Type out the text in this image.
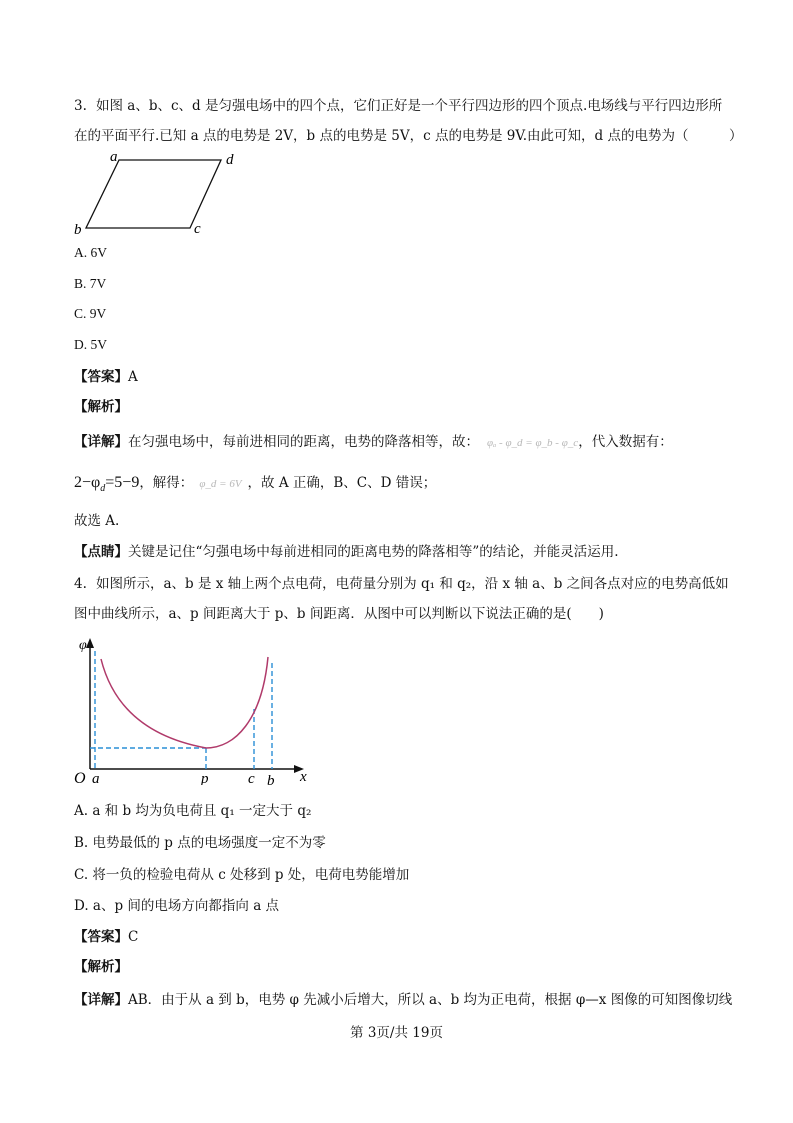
3. 如图 a、b、c、d 是匀强电场中的四个点，它们正好是一个平行四边形的四个顶点.电场线与平行四边形所
在的平面平行.已知 a 点的电势是 2V，b 点的电势是 5V，c 点的电势是 9V.由此可知，d 点的电势为（　　　）
a	d
b	c
A. 6V
B. 7V
C. 9V
D. 5V
【答案】A
【解析】
【详解】在匀强电场中，每前进相同的距离，电势的降落相等，故： φₐ - φ_d = φ_b - φ_c，代入数据有：
$2-\varphi_d=5-9$，解得： φ_d = 6V ，故 A 正确，B、C、D 错误；
故选 A.
【点睛】关键是记住“匀强电场中每前进相同的距离电势的降落相等”的结论，并能灵活运用.
4. 如图所示，a、b 是 x 轴上两个点电荷，电荷量分别为 q₁ 和 q₂，沿 x 轴 a、b 之间各点对应的电势高低如
图中曲线所示，a、p 间距离大于 p、b 间距离．从图中可以判断以下说法正确的是(　　)
φ
O a	p	c b x
A. a 和 b 均为负电荷且 q₁ 一定大于 q₂
B. 电势最低的 p 点的电场强度一定不为零
C. 将一负的检验电荷从 c 处移到 p 处，电荷电势能增加
D. a、p 间的电场方向都指向 a 点
【答案】C
【解析】
【详解】AB．由于从 a 到 b，电势 φ 先减小后增大，所以 a、b 均为正电荷，根据 φ—x 图像的可知图像切线
第 3页/共 19页
